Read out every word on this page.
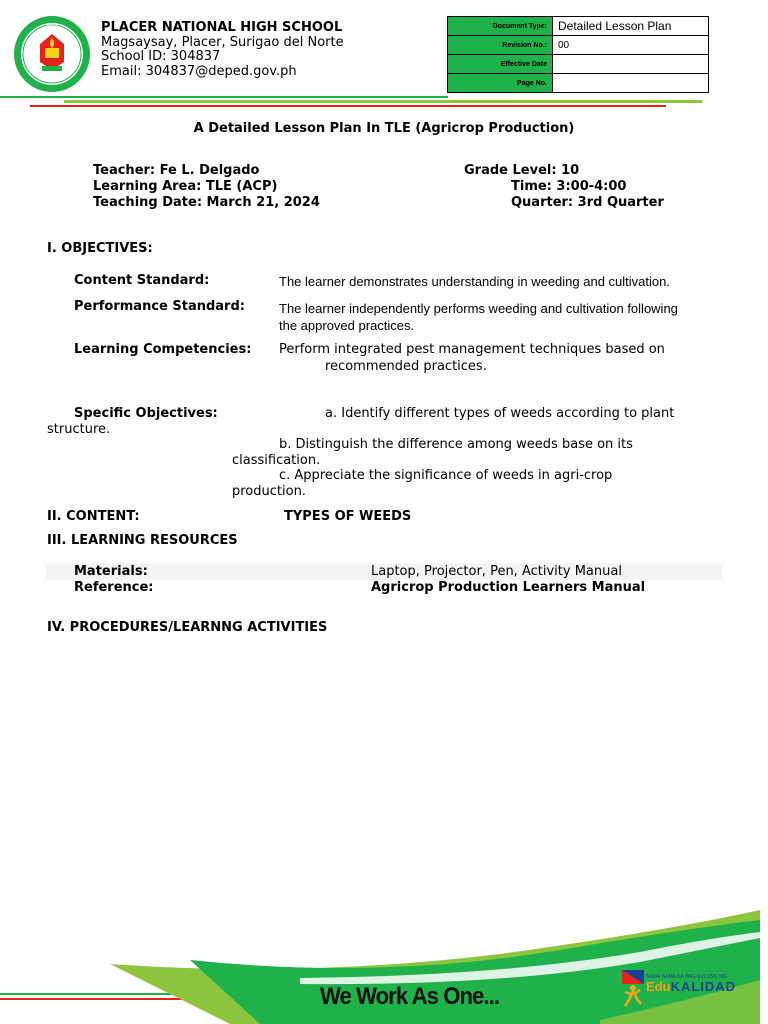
PNHS	PLACER NATIONAL HIGH SCHOOL
Magsaysay, Placer, Surigao del Norte
School ID: 304837
Email: 304837@deped.gov.ph
Document Type:	Detailed Lesson Plan
Revision No.:	00
Effective Date	
Page No.	
A Detailed Lesson Plan In TLE (Agricrop Production)
Teacher: Fe L. Delgado
Learning Area: TLE (ACP)
Teaching Date: March 21, 2024
Grade Level: 10
Time: 3:00-4:00
Quarter: 3rd Quarter
I. OBJECTIVES:
Content Standard:	The learner demonstrates understanding in weeding and cultivation.
Performance Standard:	The learner independently performs weeding and cultivation following
the approved practices.
Learning Competencies: Perform integrated pest management techniques based on
recommended practices.
Specific Objectives:	a. Identify different types of weeds according to plant
structure.
b. Distinguish the difference among weeds base on its
classification.
c. Appreciate the significance of weeds in agri-crop
production.
II. CONTENT:	TYPES OF WEEDS
III. LEARNING RESOURCES
Materials:	Laptop, Projector, Pen, Activity Manual
Reference:	Agricrop Production Learners Manual
IV. PROCEDURES/LEARNNG ACTIVITIES
We Work As One...
SAMA-SAMA SA PAG-SULONG NG
EduKALIDAD
